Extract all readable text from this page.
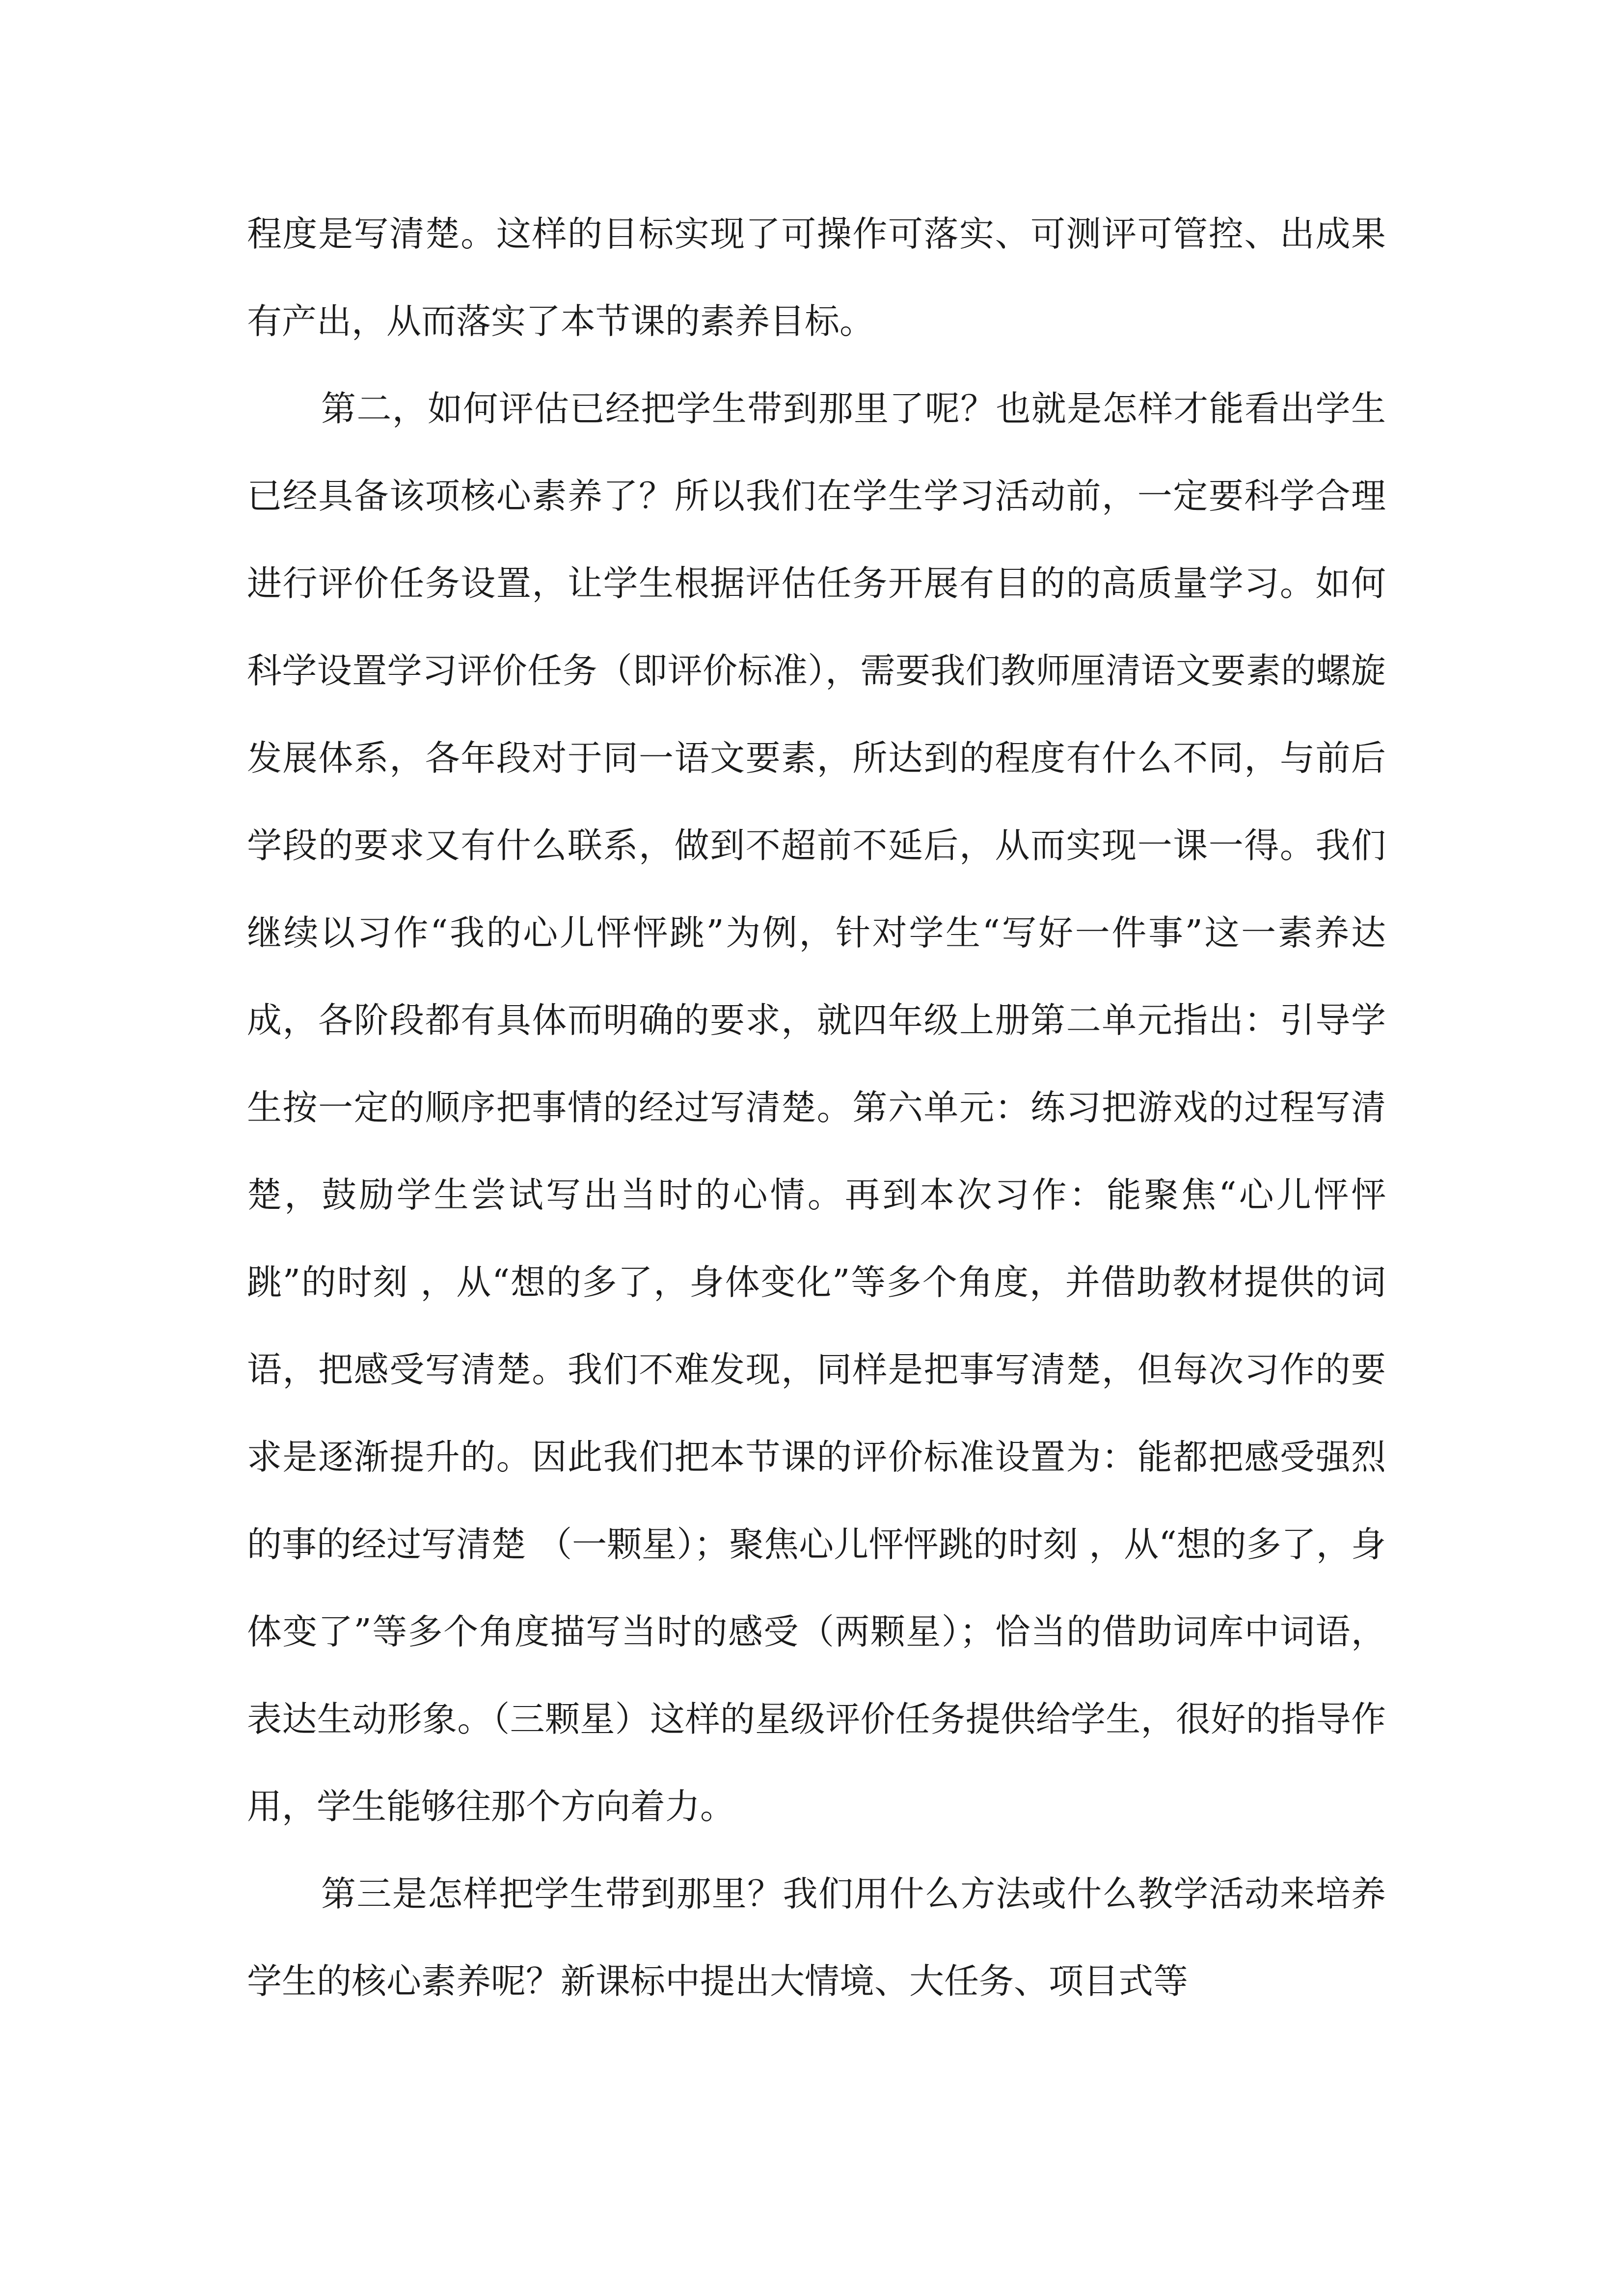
程度是写清楚。这样的目标实现了可操作可落实、可测评可管控、出成果有产出，从而落实了本节课的素养目标。

第二，如何评估已经把学生带到那里了呢？也就是怎样才能看出学生已经具备该项核心素养了？所以我们在学生学习活动前，一定要科学合理进行评价任务设置，让学生根据评估任务开展有目的的高质量学习。如何科学设置学习评价任务（即评价标准），需要我们教师厘清语文要素的螺旋发展体系，各年段对于同一语文要素，所达到的程度有什么不同，与前后学段的要求又有什么联系，做到不超前不延后，从而实现一课一得。我们继续以习作“我的心儿怦怦跳”为例，针对学生“写好一件事”这一素养达成，各阶段都有具体而明确的要求，就四年级上册第二单元指出：引导学生按一定的顺序把事情的经过写清楚。第六单元：练习把游戏的过程写清楚，鼓励学生尝试写出当时的心情。再到本次习作：能聚焦“心儿怦怦跳”的时刻 ，从“想的多了，身体变化”等多个角度，并借助教材提供的词语，把感受写清楚。我们不难发现，同样是把事写清楚，但每次习作的要求是逐渐提升的。因此我们把本节课的评价标准设置为：能都把感受强烈的事的经过写清楚 （一颗星）；聚焦心儿怦怦跳的时刻 ，从“想的多了，身体变了”等多个角度描写当时的感受（两颗星）；恰当的借助词库中词语，表达生动形象。（三颗星）这样的星级评价任务提供给学生，很好的指导作用，学生能够往那个方向着力。

第三是怎样把学生带到那里？我们用什么方法或什么教学活动来培养学生的核心素养呢？新课标中提出大情境、大任务、项目式等
